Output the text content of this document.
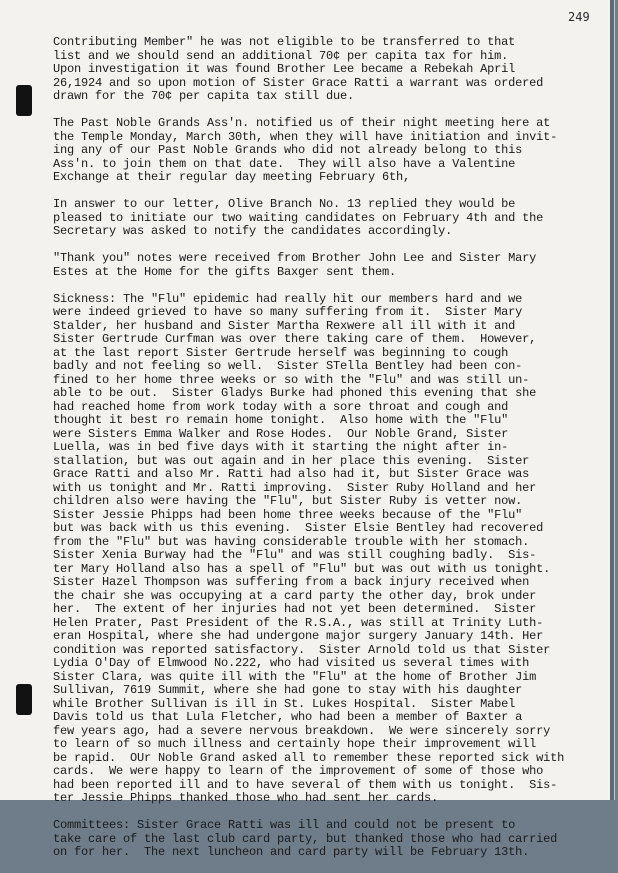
249
Contributing Member" he was not eligible to be transferred to that
list and we should send an additional 70¢ per capita tax for him.
Upon investigation it was found Brother Lee became a Rebekah April
26,1924 and so upon motion of Sister Grace Ratti a warrant was ordered
drawn for the 70¢ per capita tax still due.
The Past Noble Grands Ass'n. notified us of their night meeting here at
the Temple Monday, March 30th, when they will have initiation and invit-
ing any of our Past Noble Grands who did not already belong to this
Ass'n. to join them on that date.  They will also have a Valentine
Exchange at their regular day meeting February 6th,
In answer to our letter, Olive Branch No. 13 replied they would be
pleased to initiate our two waiting candidates on February 4th and the
Secretary was asked to notify the candidates accordingly.
"Thank you" notes were received from Brother John Lee and Sister Mary
Estes at the Home for the gifts Baxger sent them.
Sickness: The "Flu" epidemic had really hit our members hard and we
were indeed grieved to have so many suffering from it.  Sister Mary
Stalder, her husband and Sister Martha Rexwere all ill with it and
Sister Gertrude Curfman was over there taking care of them.  However,
at the last report Sister Gertrude herself was beginning to cough
badly and not feeling so well.  Sister STella Bentley had been con-
fined to her home three weeks or so with the "Flu" and was still un-
able to be out.  Sister Gladys Burke had phoned this evening that she
had reached home from work today with a sore throat and cough and
thought it best ro remain home tonight.  Also home with the "Flu"
were Sisters Emma Walker and Rose Hodes.  Our Noble Grand, Sister
Luella, was in bed five days with it starting the night after in-
stallation, but was out again and in her place this evening.  Sister
Grace Ratti and also Mr. Ratti had also had it, but Sister Grace was
with us tonight and Mr. Ratti improving.  Sister Ruby Holland and her
children also were having the "Flu", but Sister Ruby is vetter now.
Sister Jessie Phipps had been home three weeks because of the "Flu"
but was back with us this evening.  Sister Elsie Bentley had recovered
from the "Flu" but was having considerable trouble with her stomach.
Sister Xenia Burway had the "Flu" and was still coughing badly.  Sis-
ter Mary Holland also has a spell of "Flu" but was out with us tonight.
Sister Hazel Thompson was suffering from a back injury received when
the chair she was occupying at a card party the other day, brok under
her.  The extent of her injuries had not yet been determined.  Sister
Helen Prater, Past President of the R.S.A., was still at Trinity Luth-
eran Hospital, where she had undergone major surgery January 14th. Her
condition was reported satisfactory.  Sister Arnold told us that Sister
Lydia O'Day of Elmwood No.222, who had visited us several times with
Sister Clara, was quite ill with the "Flu" at the home of Brother Jim
Sullivan, 7619 Summit, where she had gone to stay with his daughter
while Brother Sullivan is ill in St. Lukes Hospital.  Sister Mabel
Davis told us that Lula Fletcher, who had been a member of Baxter a
few years ago, had a severe nervous breakdown.  We were sincerely sorry
to learn of so much illness and certainly hope their improvement will
be rapid.  OUr Noble Grand asked all to remember these reported sick with
cards.  We were happy to learn of the improvement of some of those who
had been reported ill and to have several of them with us tonight.  Sis-
ter Jessie Phipps thanked those who had sent her cards.
Committees: Sister Grace Ratti was ill and could not be present to
take care of the last club card party, but thanked those who had carried
on for her.  The next luncheon and card party will be February 13th.
